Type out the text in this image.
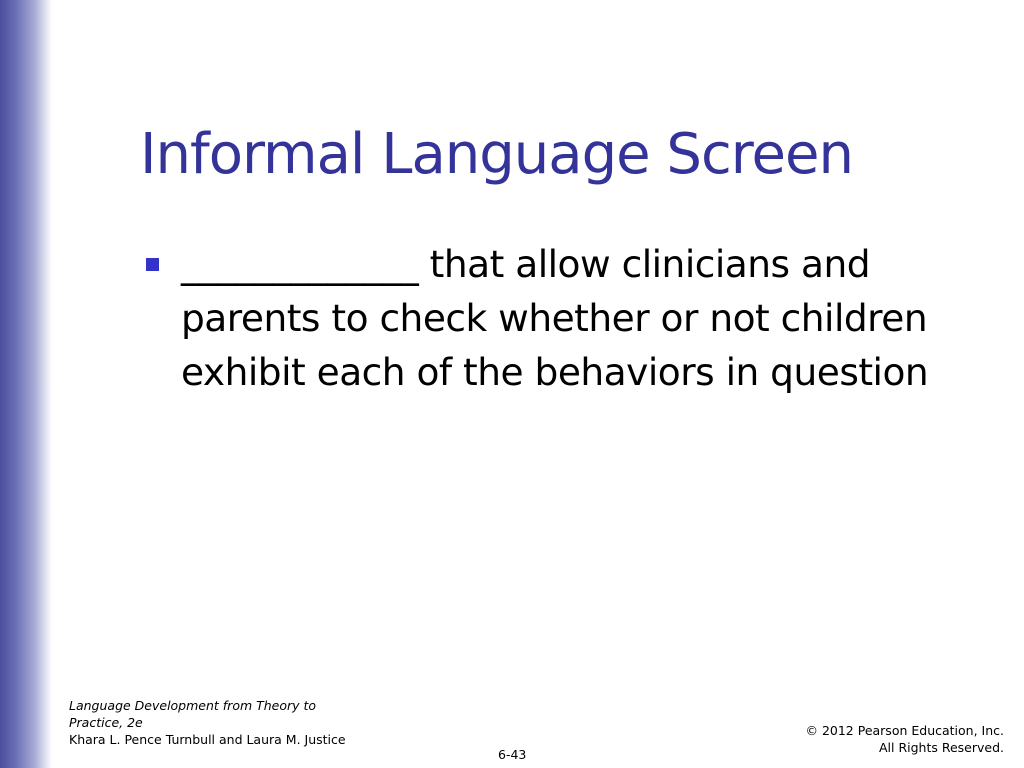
Informal Language Screen
_____________ that allow clinicians and parents to check whether or not children exhibit each of the behaviors in question
Language Development from Theory to Practice, 2e
Khara L. Pence Turnbull and Laura M. Justice
© 2012 Pearson Education, Inc.
All Rights Reserved.
6-43
